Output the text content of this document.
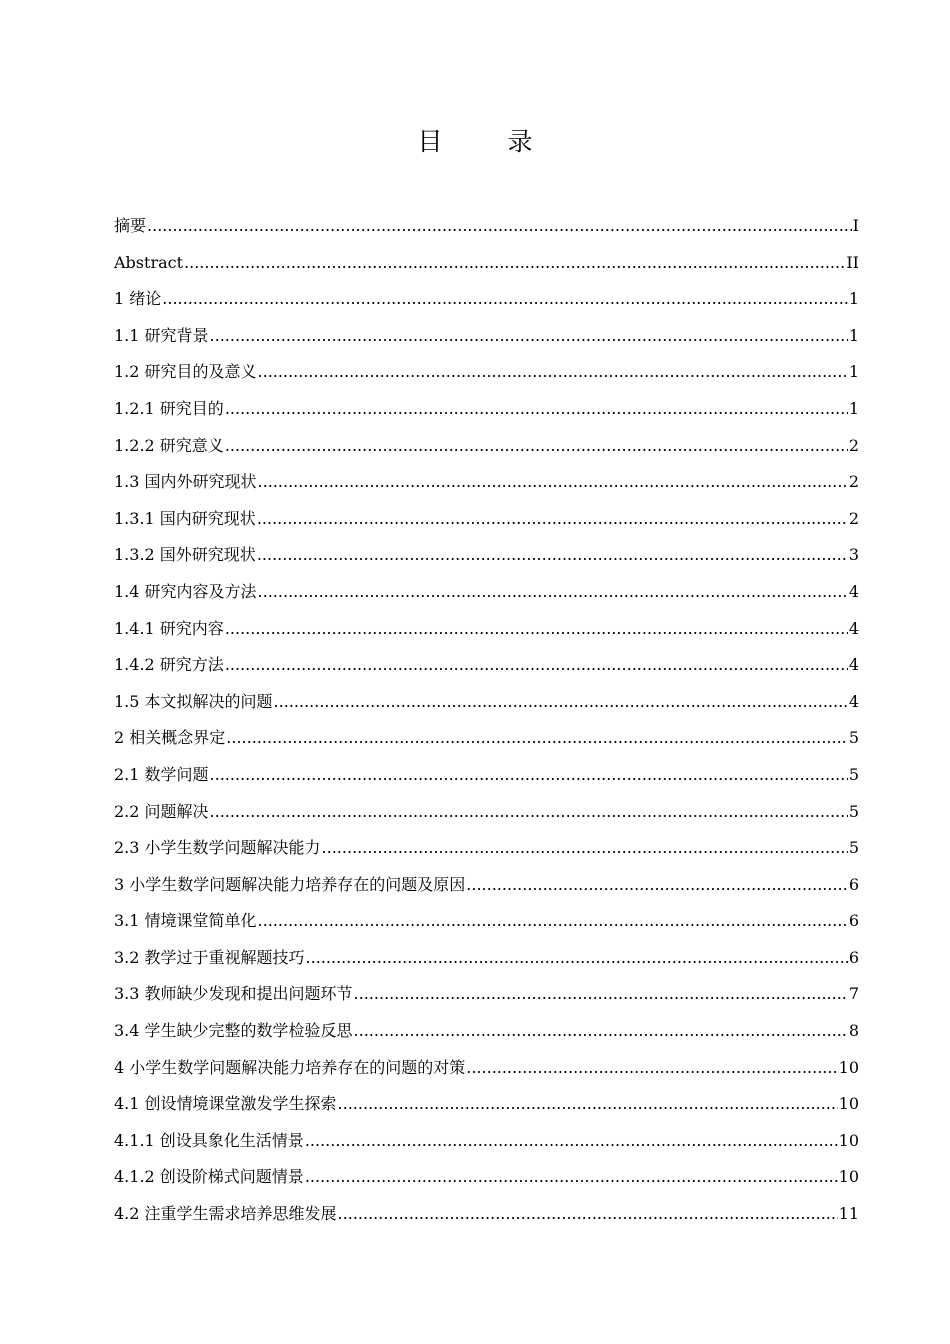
目　录
摘要 .....	I
Abstract .....	II
1 绪论 .....	1
1.1 研究背景 .....	1
1.2 研究目的及意义 .....	1
1.2.1 研究目的 .....	1
1.2.2 研究意义 .....	2
1.3 国内外研究现状 .....	2
1.3.1 国内研究现状 .....	2
1.3.2 国外研究现状 .....	3
1.4 研究内容及方法 .....	4
1.4.1 研究内容 .....	4
1.4.2 研究方法 .....	4
1.5 本文拟解决的问题 .....	4
2 相关概念界定 .....	5
2.1 数学问题 .....	5
2.2 问题解决 .....	5
2.3 小学生数学问题解决能力 .....	5
3 小学生数学问题解决能力培养存在的问题及原因 .....	6
3.1 情境课堂简单化 .....	6
3.2 教学过于重视解题技巧 .....	6
3.3 教师缺少发现和提出问题环节 .....	7
3.4 学生缺少完整的数学检验反思 .....	8
4 小学生数学问题解决能力培养存在的问题的对策 .....	10
4.1 创设情境课堂激发学生探索 .....	10
4.1.1 创设具象化生活情景 .....	10
4.1.2 创设阶梯式问题情景 .....	10
4.2 注重学生需求培养思维发展 .....	11
